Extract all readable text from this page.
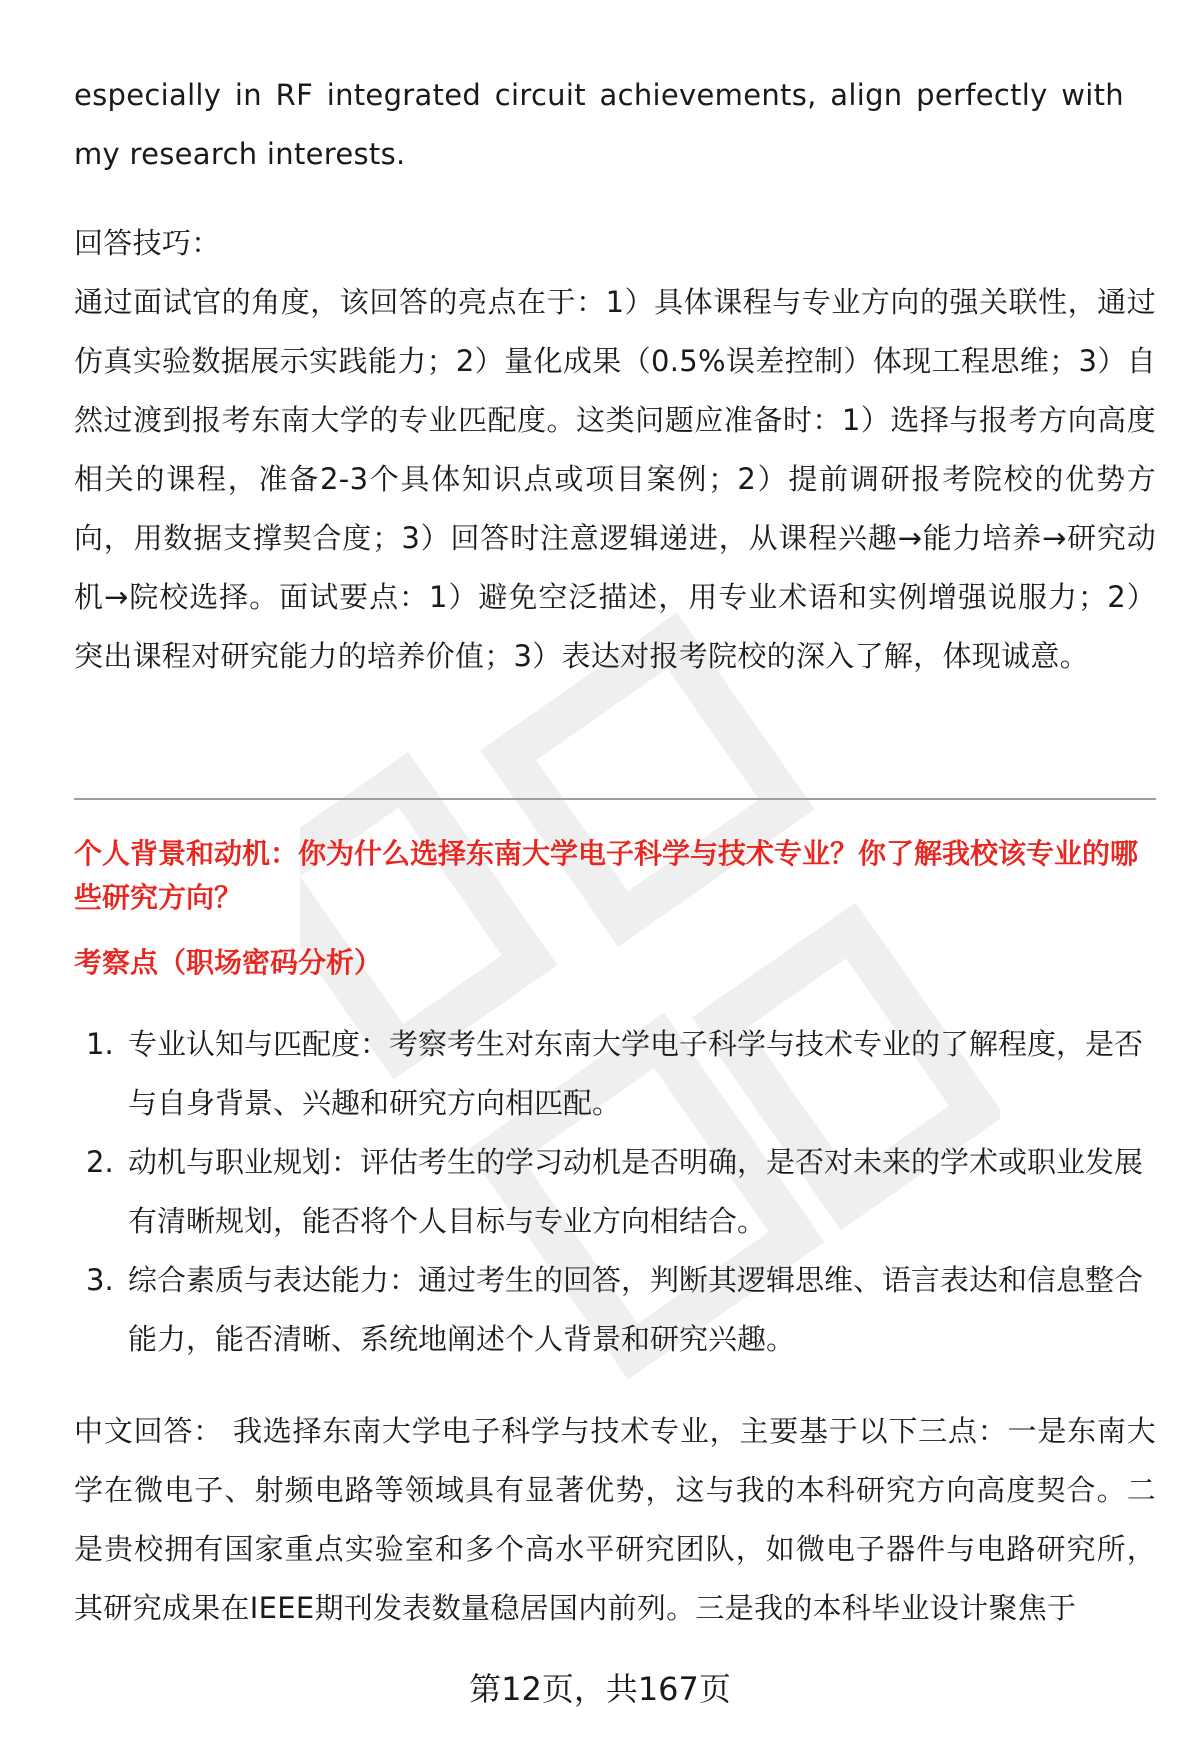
especially in RF integrated circuit achievements, align perfectly with my research interests.

回答技巧：

通过面试官的角度，该回答的亮点在于：1）具体课程与专业方向的强关联性，通过仿真实验数据展示实践能力；2）量化成果（0.5%误差控制）体现工程思维；3）自然过渡到报考东南大学的专业匹配度。这类问题应准备时：1）选择与报考方向高度相关的课程，准备2-3个具体知识点或项目案例；2）提前调研报考院校的优势方向，用数据支撑契合度；3）回答时注意逻辑递进，从课程兴趣→能力培养→研究动机→院校选择。面试要点：1）避免空泛描述，用专业术语和实例增强说服力；2）突出课程对研究能力的培养价值；3）表达对报考院校的深入了解，体现诚意。

个人背景和动机：你为什么选择东南大学电子科学与技术专业？你了解我校该专业的哪些研究方向？
考察点（职场密码分析）
1. 专业认知与匹配度：考察考生对东南大学电子科学与技术专业的了解程度，是否与自身背景、兴趣和研究方向相匹配。
2. 动机与职业规划：评估考生的学习动机是否明确，是否对未来的学术或职业发展有清晰规划，能否将个人目标与专业方向相结合。
3. 综合素质与表达能力：通过考生的回答，判断其逻辑思维、语言表达和信息整合能力，能否清晰、系统地阐述个人背景和研究兴趣。

中文回答： 我选择东南大学电子科学与技术专业，主要基于以下三点：一是东南大学在微电子、射频电路等领域具有显著优势，这与我的本科研究方向高度契合。二是贵校拥有国家重点实验室和多个高水平研究团队，如微电子器件与电路研究所，其研究成果在IEEE期刊发表数量稳居国内前列。三是我的本科毕业设计聚焦于

第12页，共167页
